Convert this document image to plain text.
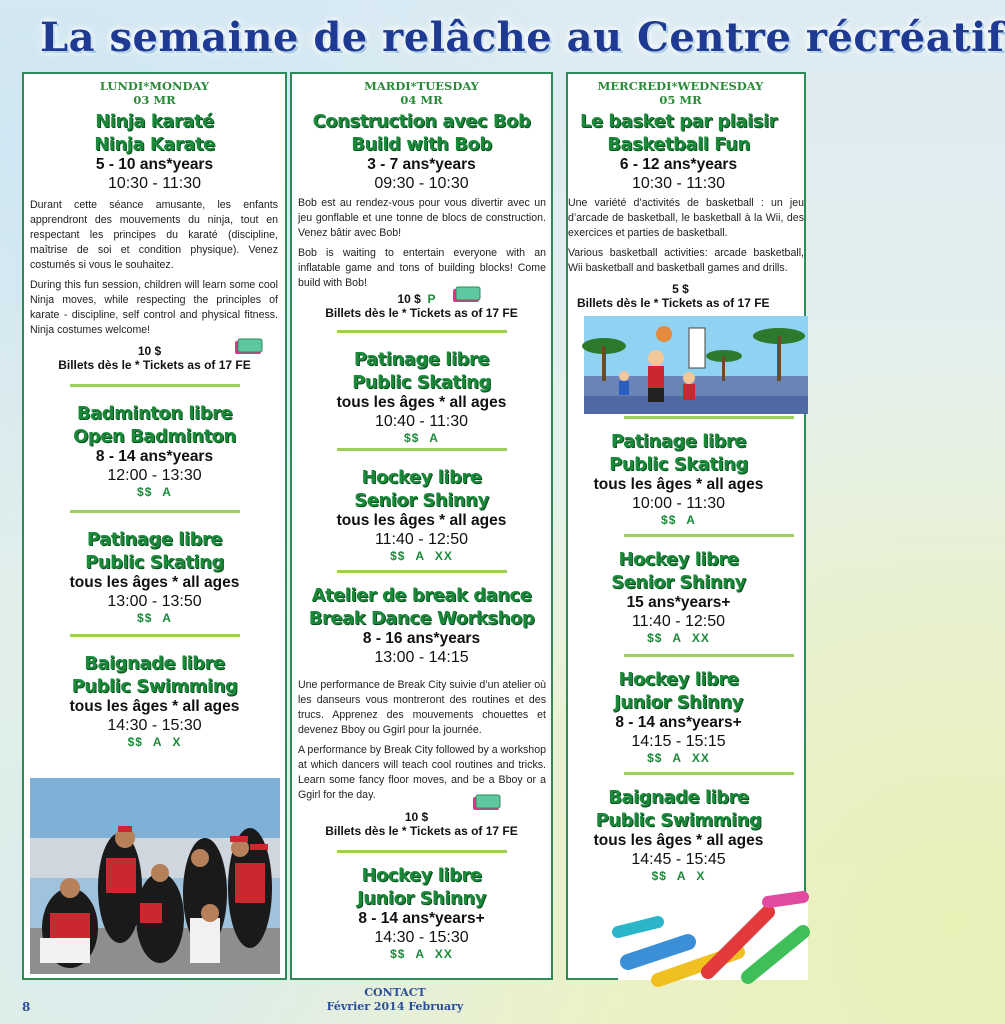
La semaine de relâche au Centre récréatif
LUNDI*MONDAY
03 MR
Ninja karaté
Ninja Karate
5 - 10 ans*years
10:30 - 11:30

Durant cette séance amusante, les enfants apprendront des mouvements du ninja, tout en respectant les principes du karaté (discipline, maîtrise de soi et condition physique). Venez costumés si vous le souhaitez.

During this fun session, children will learn some cool Ninja moves, while respecting the principles of karate - discipline, self control and physical fitness. Ninja costumes welcome!

10 $
Billets dès le * Tickets as of 17 FE
Badminton libre
Open Badminton
8 - 14 ans*years
12:00 - 13:30
$$ A
Patinage libre
Public Skating
tous les âges * all ages
13:00 - 13:50
$$ A
Baignade libre
Public Swimming
tous les âges * all ages
14:30 - 15:30
$$ A X
MARDI*TUESDAY
04 MR
Construction avec Bob
Build with Bob
3 - 7 ans*years
09:30 - 10:30

Bob est au rendez-vous pour vous divertir avec un jeu gonflable et une tonne de blocs de construction. Venez bâtir avec Bob!

Bob is waiting to entertain everyone with an inflatable game and tons of building blocks! Come build with Bob!

10 $ P
Billets dès le * Tickets as of 17 FE
Patinage libre
Public Skating
tous les âges * all ages
10:40 - 11:30
$$ A
Hockey libre
Senior Shinny
tous les âges * all ages
11:40 - 12:50
$$ A XX
Atelier de break dance
Break Dance Workshop
8 - 16 ans*years
13:00 - 14:15

Une performance de Break City suivie d’un atelier où les danseurs vous montreront des routines et des trucs. Apprenez des mouvements chouettes et devenez Bboy ou Ggirl pour la journée.

A performance by Break City followed by a workshop at which dancers will teach cool routines and tricks. Learn some fancy floor moves, and be a Bboy or a Ggirl for the day.

10 $
Billets dès le * Tickets as of 17 FE
Hockey libre
Junior Shinny
8 - 14 ans*years+
14:30 - 15:30
$$ A XX
MERCREDI*WEDNESDAY
05 MR
Le basket par plaisir
Basketball Fun
6 - 12 ans*years
10:30 - 11:30

Une variété d’activités de basketball : un jeu d’arcade de basketball, le basketball à la Wii, des exercices et parties de basketball.

Various basketball activities: arcade basketball, Wii basketball and basketball games and drills.

5 $
Billets dès le * Tickets as of 17 FE
Patinage libre
Public Skating
tous les âges * all ages
10:00 - 11:30
$$ A
Hockey libre
Senior Shinny
15 ans*years+
11:40 - 12:50
$$ A XX
Hockey libre
Junior Shinny
8 - 14 ans*years+
14:15 - 15:15
$$ A XX
Baignade libre
Public Swimming
tous les âges * all ages
14:45 - 15:45
$$ A X
8
CONTACT
Février 2014 February
